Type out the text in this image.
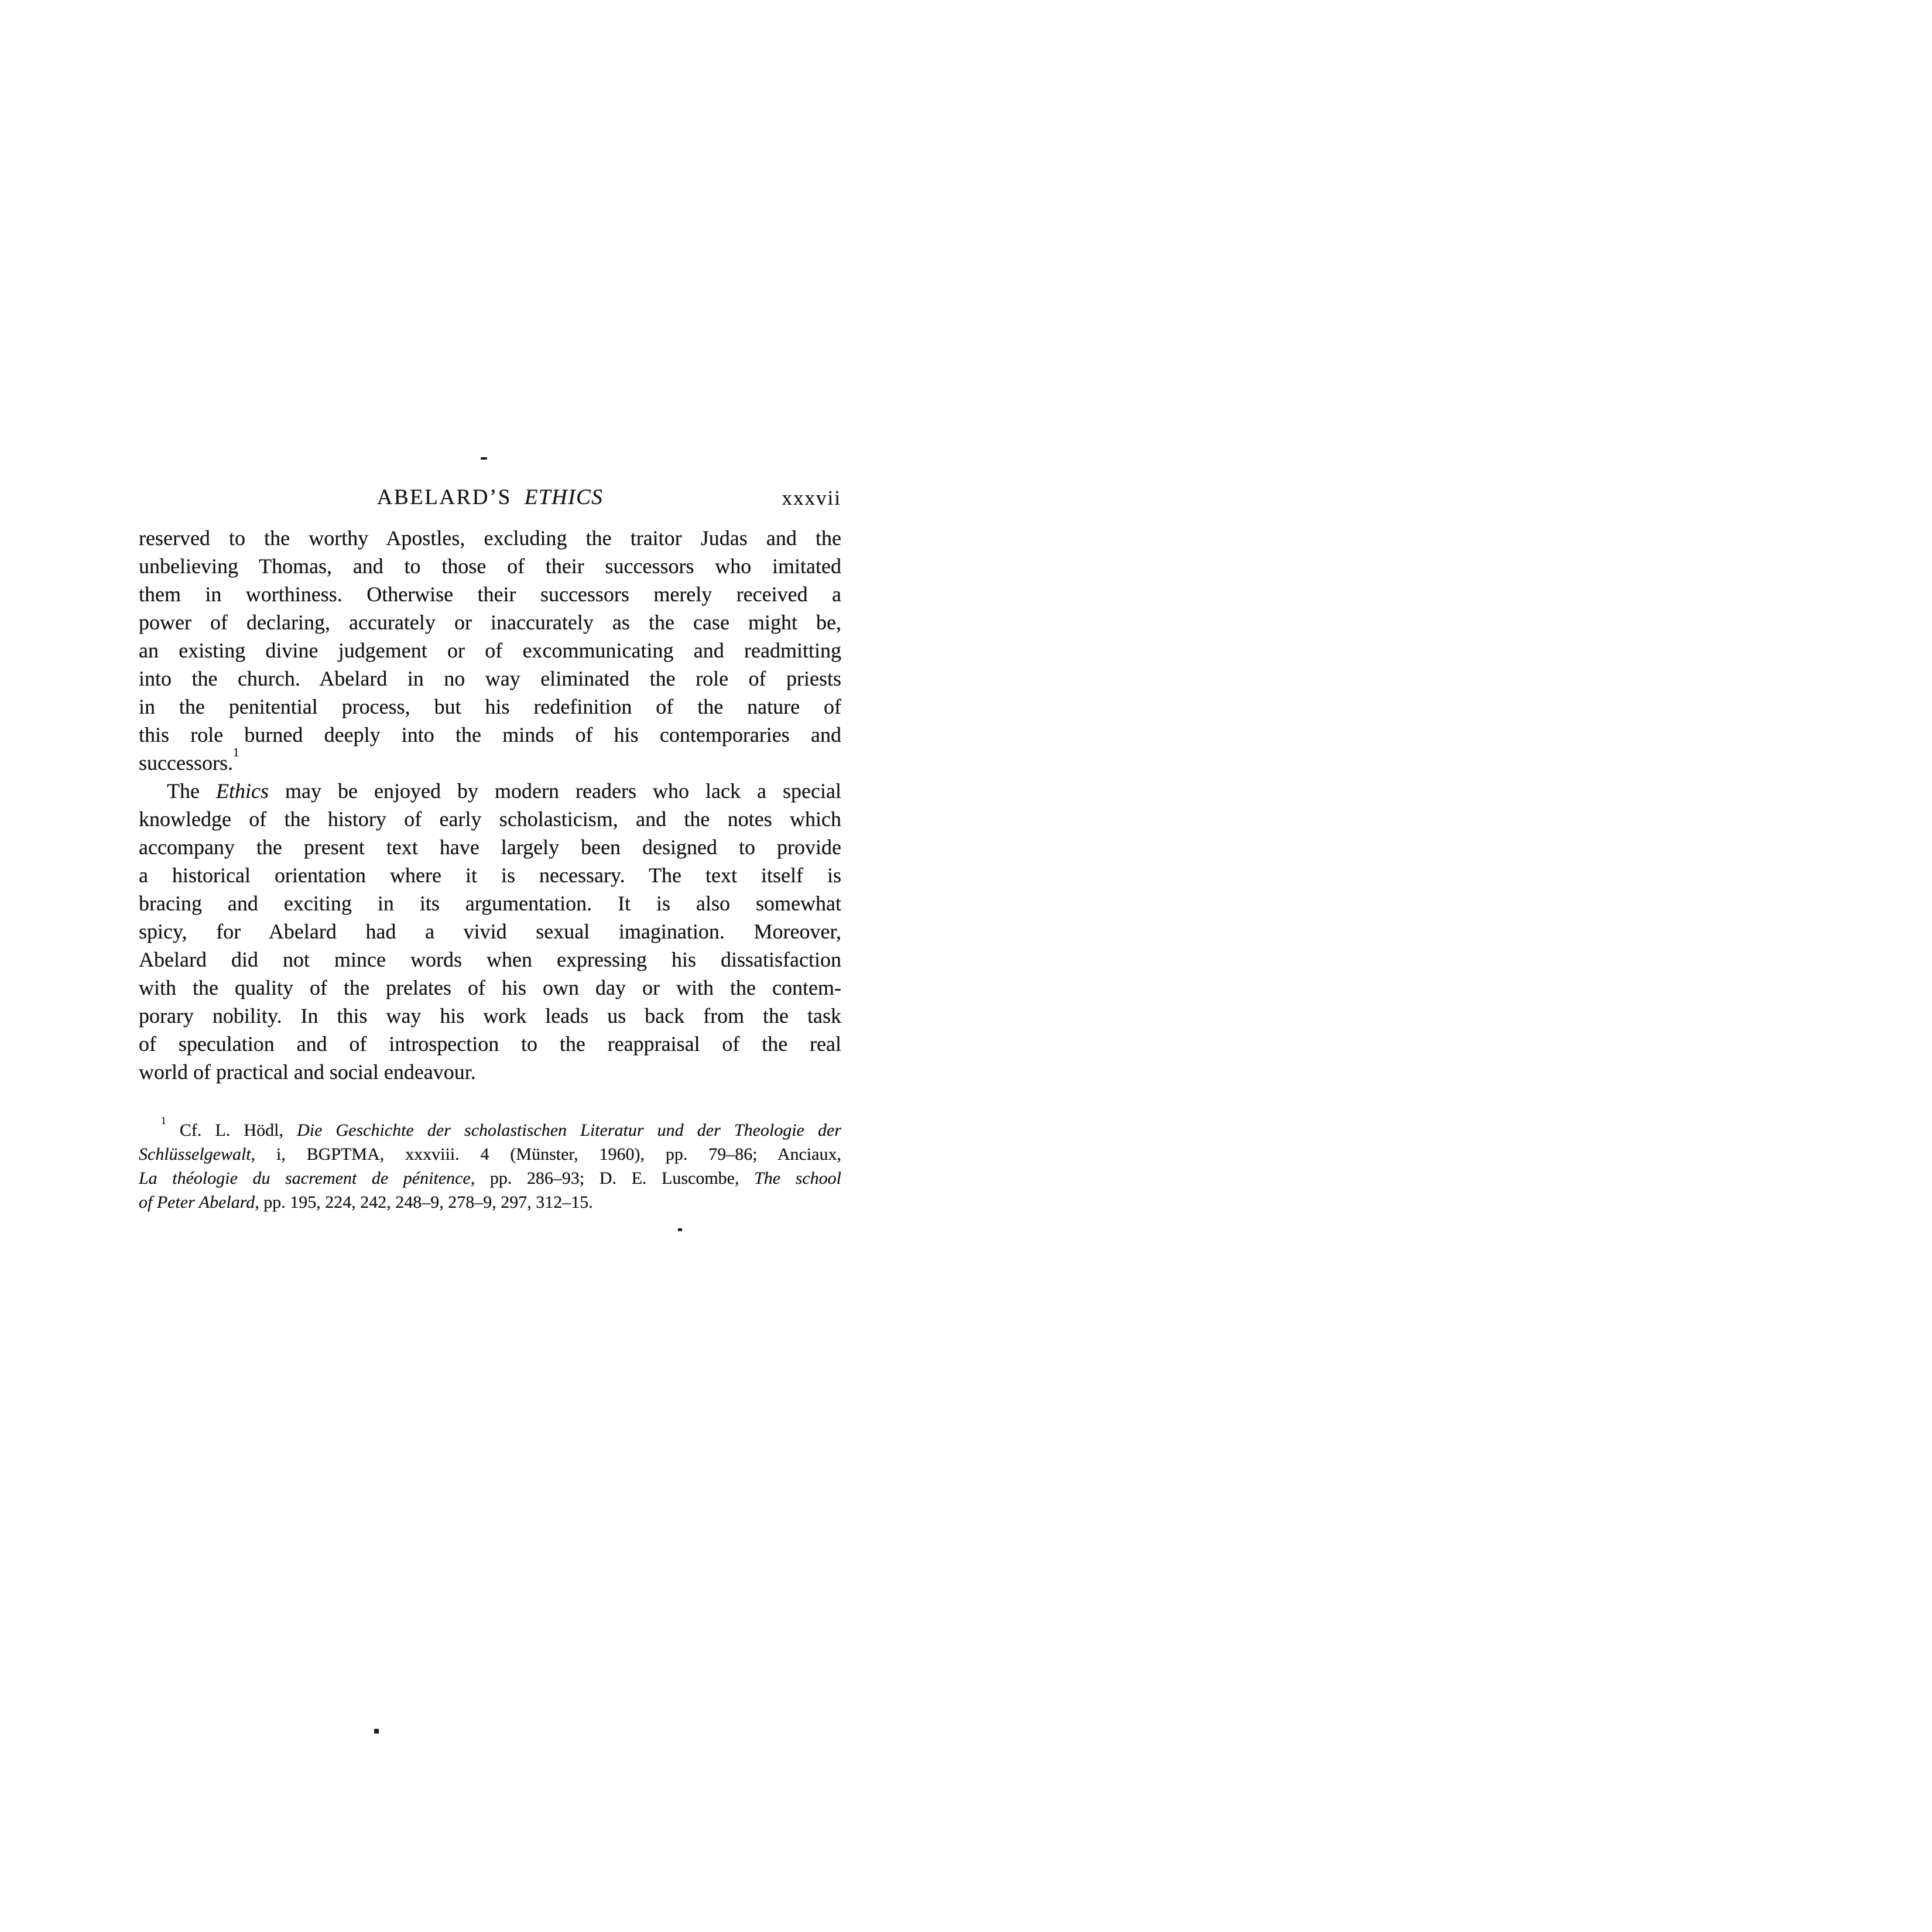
ABELARD’S ETHICS	xxxvii
reserved to the worthy Apostles, excluding the traitor Judas and the
unbelieving Thomas, and to those of their successors who imitated
them in worthiness. Otherwise their successors merely received a
power of declaring, accurately or inaccurately as the case might be,
an existing divine judgement or of excommunicating and readmitting
into the church. Abelard in no way eliminated the role of priests
in the penitential process, but his redefinition of the nature of
this role burned deeply into the minds of his contemporaries and
successors.$^1$
The Ethics may be enjoyed by modern readers who lack a special
knowledge of the history of early scholasticism, and the notes which
accompany the present text have largely been designed to provide
a historical orientation where it is necessary. The text itself is
bracing and exciting in its argumentation. It is also somewhat
spicy, for Abelard had a vivid sexual imagination. Moreover,
Abelard did not mince words when expressing his dissatisfaction
with the quality of the prelates of his own day or with the contem-
porary nobility. In this way his work leads us back from the task
of speculation and of introspection to the reappraisal of the real
world of practical and social endeavour.
$^1$ Cf. L. Hödl, Die Geschichte der scholastischen Literatur und der Theologie der
Schlüsselgewalt, i, BGPTMA, xxxviii. 4 (Münster, 1960), pp. 79–86; Anciaux,
La théologie du sacrement de pénitence, pp. 286–93; D. E. Luscombe, The school
of Peter Abelard, pp. 195, 224, 242, 248–9, 278–9, 297, 312–15.
